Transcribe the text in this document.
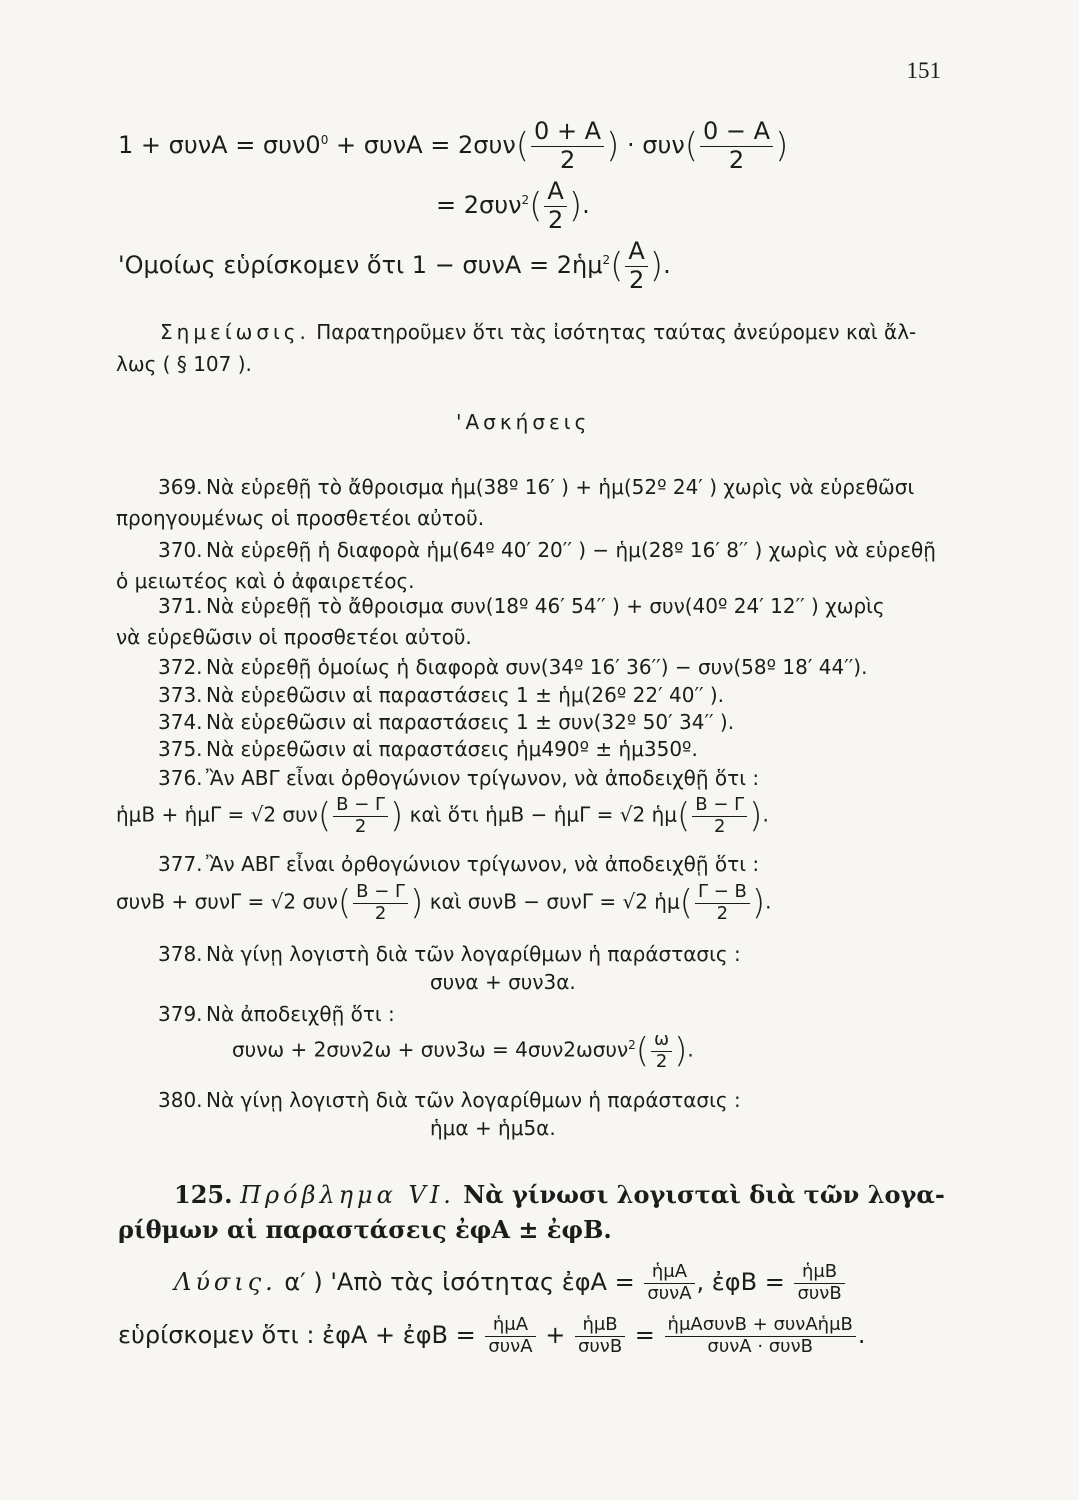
151
$1 + \sigma\upsilon\nu A = \sigma\upsilon\nu 0^0 + \sigma\upsilon\nu A = 2\sigma\upsilon\nu( \frac{0 + A}{2}$ ) · $\sigma\upsilon\nu( \frac{0 - A}{2}$ )
= $2\sigma\upsilon\nu^2( \frac{A}{2}$ ).
'Ομοίως εὑρίσκομεν ὅτι 1 − συνΑ = 2ἡμ$^2$( $\frac{A}{2}$ ).
Σημείωσις. Παρατηροῦμεν ὅτι τὰς ἰσότητας ταύτας ἀνεύρομεν καὶ ἄλ-
λως ( § 107 ).
'Ασκήσεις
369. Νὰ εὑρεθῇ τὸ ἄθροισμα ἡμ(38º 16′ ) + ἡμ(52º 24′ ) χωρὶς νὰ εὑρεθῶσι
προηγουμένως οἱ προσθετέοι αὐτοῦ.
370. Νὰ εὑρεθῇ ἡ διαφορὰ ἡμ(64º 40′ 20′′ ) − ἡμ(28º 16′ 8′′ ) χωρὶς νὰ εὑρεθῇ
ὁ μειωτέος καὶ ὁ ἀφαιρετέος.
371. Νὰ εὑρεθῇ τὸ ἄθροισμα συν(18º 46′ 54′′ ) + συν(40º 24′ 12′′ ) χωρὶς
νὰ εὑρεθῶσιν οἱ προσθετέοι αὐτοῦ.
372. Νὰ εὑρεθῇ ὁμοίως ἡ διαφορὰ συν(34º 16′ 36′′) − συν(58º 18′ 44′′).
373. Νὰ εὑρεθῶσιν αἱ παραστάσεις 1 ± ἡμ(26º 22′ 40′′ ).
374. Νὰ εὑρεθῶσιν αἱ παραστάσεις 1 ± συν(32º 50′ 34′′ ).
375. Νὰ εὑρεθῶσιν αἱ παραστάσεις ἡμ490º ± ἡμ350º.
376. Ἂν ΑΒΓ εἶναι ὀρθογώνιον τρίγωνον, νὰ ἀποδειχθῇ ὅτι :
ἡμΒ + ἡμΓ = √2 $\sigma\upsilon\nu( \frac{B - \Gamma}{2}$ ) καὶ ὅτι ἡμΒ − ἡμΓ = √2 ἡμ( $\frac{B - \Gamma}{2}$ ).
377. Ἂν ΑΒΓ εἶναι ὀρθογώνιον τρίγωνον, νὰ ἀποδειχθῇ ὅτι :
συνΒ + συνΓ = √2 $\sigma\upsilon\nu( \frac{B - \Gamma}{2}$ ) καὶ συνΒ − συνΓ = √2 ἡμ( $\frac{\Gamma - B}{2}$ ).
378. Νὰ γίνῃ λογιστὴ διὰ τῶν λογαρίθμων ἡ παράστασις :
συνα + συν3α.
379. Νὰ ἀποδειχθῇ ὅτι :
$\sigma\upsilon\nu\omega + 2\sigma\upsilon\nu 2\omega + \sigma\upsilon\nu 3\omega = 4\sigma\upsilon\nu 2\omega\sigma\upsilon\nu^2( \frac{\omega}{2}$ ).
380. Νὰ γίνῃ λογιστὴ διὰ τῶν λογαρίθμων ἡ παράστασις :
ἡμα + ἡμ5α.
125. Πρόβλημα VI. Νὰ γίνωσι λογισταὶ διὰ τῶν λογα-
ρίθμων αἱ παραστάσεις ἐφΑ ± ἐφΒ.
Λύσις. α′ ) 'Απὸ τὰς ἰσότητας ἐφΑ = $\frac{\text{ἡμΑ}}{\text{συνΑ}}$ , ἐφΒ = $\frac{\text{ἡμΒ}}{\text{συνΒ}}$
εὑρίσκομεν ὅτι : ἐφΑ + ἐφΒ = $\frac{\text{ἡμΑ}}{\text{συνΑ}} + \frac{\text{ἡμΒ}}{\text{συνΒ}} = \frac{\text{ἡμΑσυνΒ + συνΑἡμΒ}}{\text{συνΑ · συνΒ}}$ .
